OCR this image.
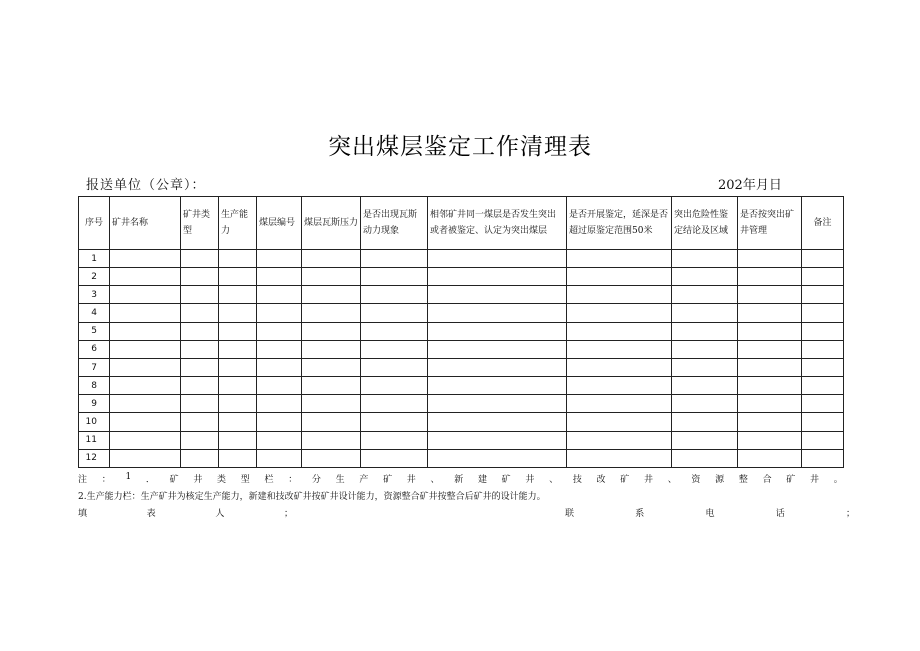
突出煤层鉴定工作清理表
报送单位（公章）：	202年月日
序号	矿井名称	矿井类型	生产能力	煤层编号	煤层瓦斯压力	是否出现瓦斯动力现象	相邻矿井同一煤层是否发生突出或者被鉴定、认定为突出煤层	是否开展鉴定，延深是否超过原鉴定范围50米	突出危险性鉴定结论及区域	是否按突出矿井管理	备注
1											
2											
3											
4											
5											
6											
7											
8											
9											
10											
11											
12											
注 ： 1 ． 矿 井 类 型 栏 ： 分 生 产 矿 井 、 新 建 矿 井 、 技 改 矿 井 、 资 源 整 合 矿 井 。
2.生产能力栏：生产矿井为核定生产能力，新建和技改矿井按矿井设计能力，资源整合矿井按整合后矿井的设计能力。
填	表	人	；	联	系	电	话	；
